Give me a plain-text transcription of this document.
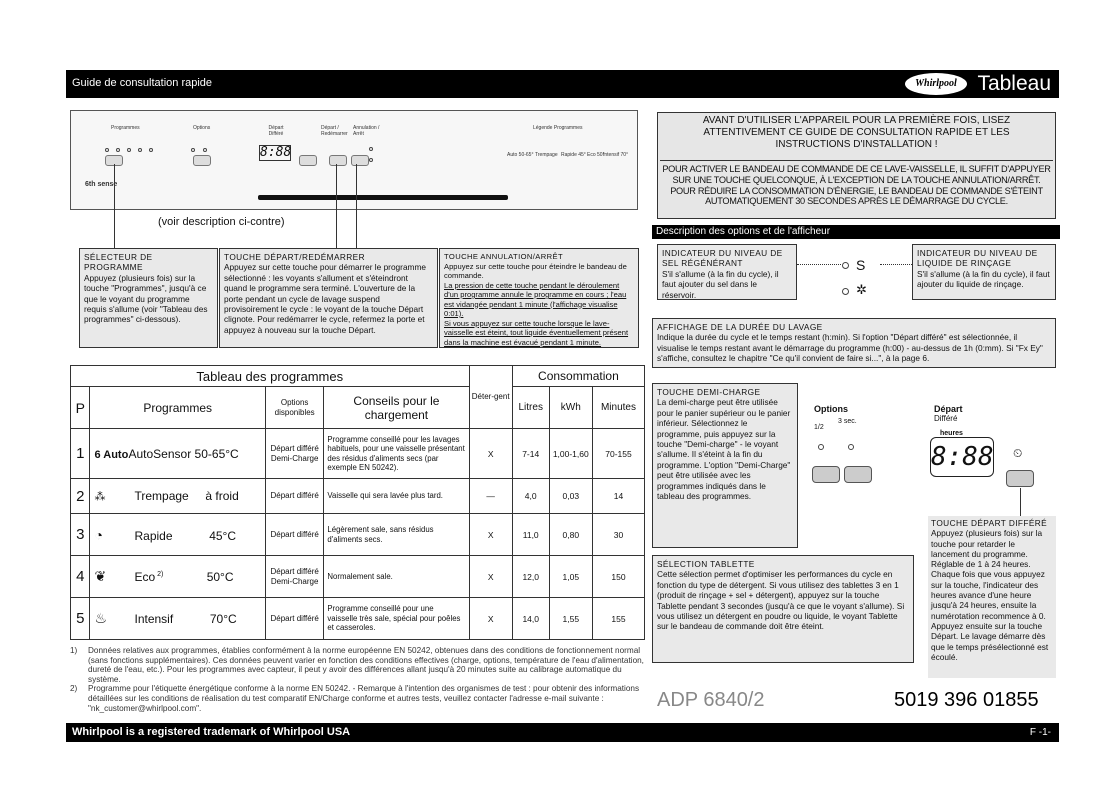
Guide de consultation rapide	Whirlpool Tableau
Programmes	Options	Départ Différé
Départ / Redémarrer
Annulation / Arrêt
Légende Programmes
8:88	Auto 50-65° Trempage Rapide 45° Eco 50°
Intensif 70°
6th sense
(voir description ci-contre)
SÉLECTEUR DE PROGRAMME
Appuyez (plusieurs fois) sur la touche "Programmes", jusqu'à ce que le voyant du programme requis s'allume (voir "Tableau des programmes" ci-dessous).
TOUCHE DÉPART/REDÉMARRER
Appuyez sur cette touche pour démarrer le programme sélectionné : les voyants s'allument et s'éteindront quand le programme sera terminé. L'ouverture de la porte pendant un cycle de lavage suspend provisoirement le cycle : le voyant de la touche Départ clignote. Pour redémarrer le cycle, refermez la porte et appuyez à nouveau sur la touche Départ.
TOUCHE ANNULATION/ARRÊT
Appuyez sur cette touche pour éteindre le bandeau de commande.
La pression de cette touche pendant le déroulement d'un programme annule le programme en cours ; l'eau est vidangée pendant 1 minute (l'affichage visualise 0:01).
Si vous appuyez sur cette touche lorsque le lave-vaisselle est éteint, tout liquide éventuellement présent dans la machine est évacué pendant 1 minute.
AVANT D'UTILISER L'APPAREIL POUR LA PREMIÈRE FOIS, LISEZ ATTENTIVEMENT CE GUIDE DE CONSULTATION RAPIDE ET LES INSTRUCTIONS D'INSTALLATION !
POUR ACTIVER LE BANDEAU DE COMMANDE DE CE LAVE-VAISSELLE, IL SUFFIT D'APPUYER SUR UNE TOUCHE QUELCONQUE, À L'EXCEPTION DE LA TOUCHE ANNULATION/ARRÊT.
POUR RÉDUIRE LA CONSOMMATION D'ÉNERGIE, LE BANDEAU DE COMMANDE S'ÉTEINT AUTOMATIQUEMENT 30 SECONDES APRÈS LE DÉMARRAGE DU CYCLE.
Description des options et de l'afficheur
INDICATEUR DU NIVEAU DE SEL RÉGÉNÉRANT
S'il s'allume (à la fin du cycle), il faut ajouter du sel dans le réservoir.
INDICATEUR DU NIVEAU DE LIQUIDE DE RINÇAGE
S'il s'allume (à la fin du cycle), il faut ajouter du liquide de rinçage.
S
✲
AFFICHAGE DE LA DURÉE DU LAVAGE
Indique la durée du cycle et le temps restant (h:min). Si l'option "Départ différé" est sélectionnée, il visualise le temps restant avant le démarrage du programme (h:00) - au-dessus de 1h (0:mm). Si "Fx Ey" s'affiche, consultez le chapitre "Ce qu'il convient de faire si...", à la page 6.
TOUCHE DEMI-CHARGE
La demi-charge peut être utilisée pour le panier supérieur ou le panier inférieur. Sélectionnez le programme, puis appuyez sur la touche "Demi-charge" - le voyant s'allume. Il s'éteint à la fin du programme. L'option "Demi-Charge" peut être utilisée avec les programmes indiqués dans le tableau des programmes.
SÉLECTION TABLETTE
Cette sélection permet d'optimiser les performances du cycle en fonction du type de détergent. Si vous utilisez des tablettes 3 en 1 (produit de rinçage + sel + détergent), appuyez sur la touche Tablette pendant 3 secondes (jusqu'à ce que le voyant s'allume). Si vous utilisez un détergent en poudre ou liquide, le voyant Tablette sur le bandeau de commande doit être éteint.
Options
1/2
3 sec.
Départ
Différé
heures
8:88 ⏲
TOUCHE DÉPART DIFFÉRÉ
Appuyez (plusieurs fois) sur la touche pour retarder le lancement du programme. Réglable de 1 à 24 heures. Chaque fois que vous appuyez sur la touche, l'indicateur des heures avance d'une heure jusqu'à 24 heures, ensuite la numérotation recommence à 0. Appuyez ensuite sur la touche Départ. Le lavage démarre dès que le temps présélectionné est écoulé.
Tableau des programmes				Déter-gent	Consommation		
P	Programmes	Options disponibles	Conseils pour le chargement		Litres	kWh	Minutes
1	6 AutoAutoSensor 50-65°C	Départ différé Demi-Charge	Programme conseillé pour les lavages habituels, pour une vaisselle présentant des résidus d'aliments secs (par exemple EN 50242).	X	7-14	1,00-1,60	70-155
2	⁂ Trempage à froid	Départ différé	Vaisselle qui sera lavée plus tard.	—	4,0	0,03	14
3	◔ Rapide 45°C	Départ différé	Légèrement sale, sans résidus d'aliments secs.	X	11,0	0,80	30
4	❦ Eco $^{2)}$ 50°C	Départ différé Demi-Charge	Normalement sale.	X	12,0	1,05	150
5	♨ Intensif 70°C	Départ différé	Programme conseillé pour une vaisselle très sale, spécial pour poêles et casseroles.	X	14,0	1,55	155
1)	Données relatives aux programmes, établies conformément à la norme européenne EN 50242, obtenues dans des conditions de fonctionnement normal (sans fonctions supplémentaires). Ces données peuvent varier en fonction des conditions effectives (charge, options, température de l'eau d'alimentation, dureté de l'eau, etc.). Pour les programmes avec capteur, il peut y avoir des différences allant jusqu'à 20 minutes suite au calibrage automatique du système.
2)	Programme pour l'étiquette énergétique conforme à la norme EN 50242. - Remarque à l'intention des organismes de test : pour obtenir des informations détaillées sur les conditions de réalisation du test comparatif EN/Charge conforme et autres tests, veuillez contacter l'adresse e-mail suivante : "nk_customer@whirlpool.com".	ADP 6840/2	5019 396 01855
Whirlpool is a registered trademark of Whirlpool USA	F -1-
